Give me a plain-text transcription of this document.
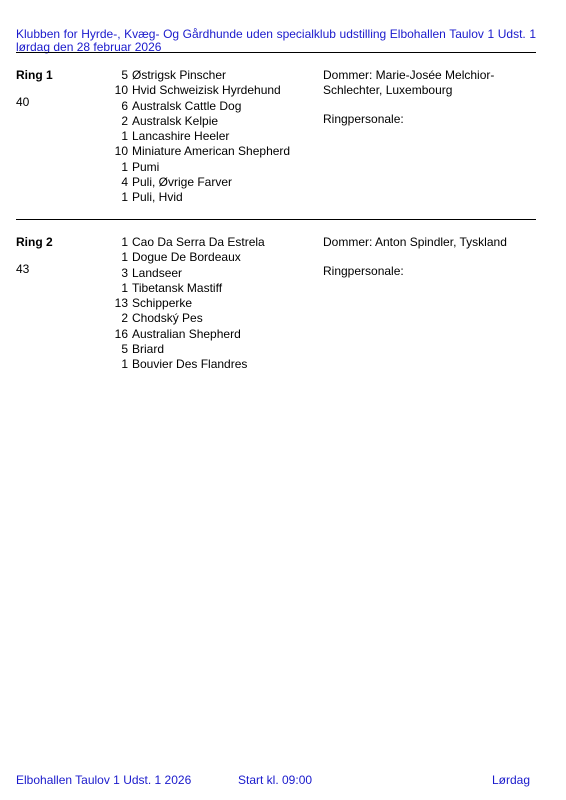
Klubben for Hyrde-, Kvæg- Og Gårdhunde uden specialklub udstilling Elbohallen Taulov 1 Udst. 1
lørdag den 28 februar 2026
Ring 1
40
5 Østrigsk Pinscher
10 Hvid Schweizisk Hyrdehund
6 Australsk Cattle Dog
2 Australsk Kelpie
1 Lancashire Heeler
10 Miniature American Shepherd
1 Pumi
4 Puli, Øvrige Farver
1 Puli, Hvid
Dommer: Marie-Josée Melchior-Schlechter, Luxembourg
Ringpersonale:
Ring 2
43
1 Cao Da Serra Da Estrela
1 Dogue De Bordeaux
3 Landseer
1 Tibetansk Mastiff
13 Schipperke
2 Chodský Pes
16 Australian Shepherd
5 Briard
1 Bouvier Des Flandres
Dommer: Anton Spindler, Tyskland
Ringpersonale:
Elbohallen Taulov 1 Udst. 1 2026	Start kl. 09:00	Lørdag
